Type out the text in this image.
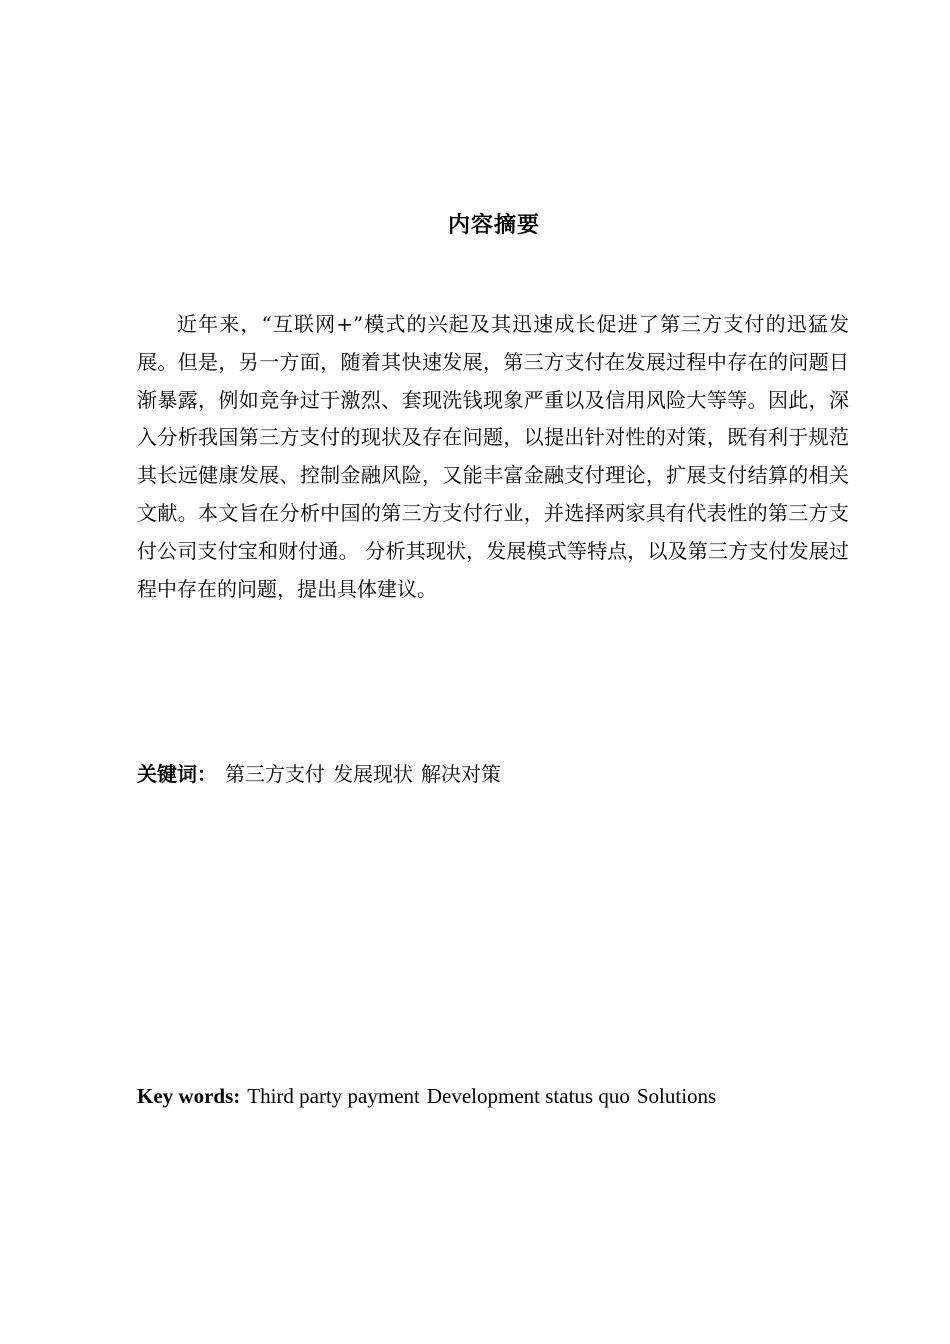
内容摘要

近年来，“互联网+”模式的兴起及其迅速成长促进了第三方支付的迅猛发展。但是，另一方面，随着其快速发展，第三方支付在发展过程中存在的问题日渐暴露，例如竞争过于激烈、套现洗钱现象严重以及信用风险大等等。因此，深入分析我国第三方支付的现状及存在问题，以提出针对性的对策，既有利于规范其长远健康发展、控制金融风险，又能丰富金融支付理论，扩展支付结算的相关文献。本文旨在分析中国的第三方支付行业，并选择两家具有代表性的第三方支付公司支付宝和财付通。 分析其现状，发展模式等特点，以及第三方支付发展过程中存在的问题，提出具体建议。

关键词： 第三方支付 发展现状 解决对策
Key words: Third party payment Development status quo Solutions
